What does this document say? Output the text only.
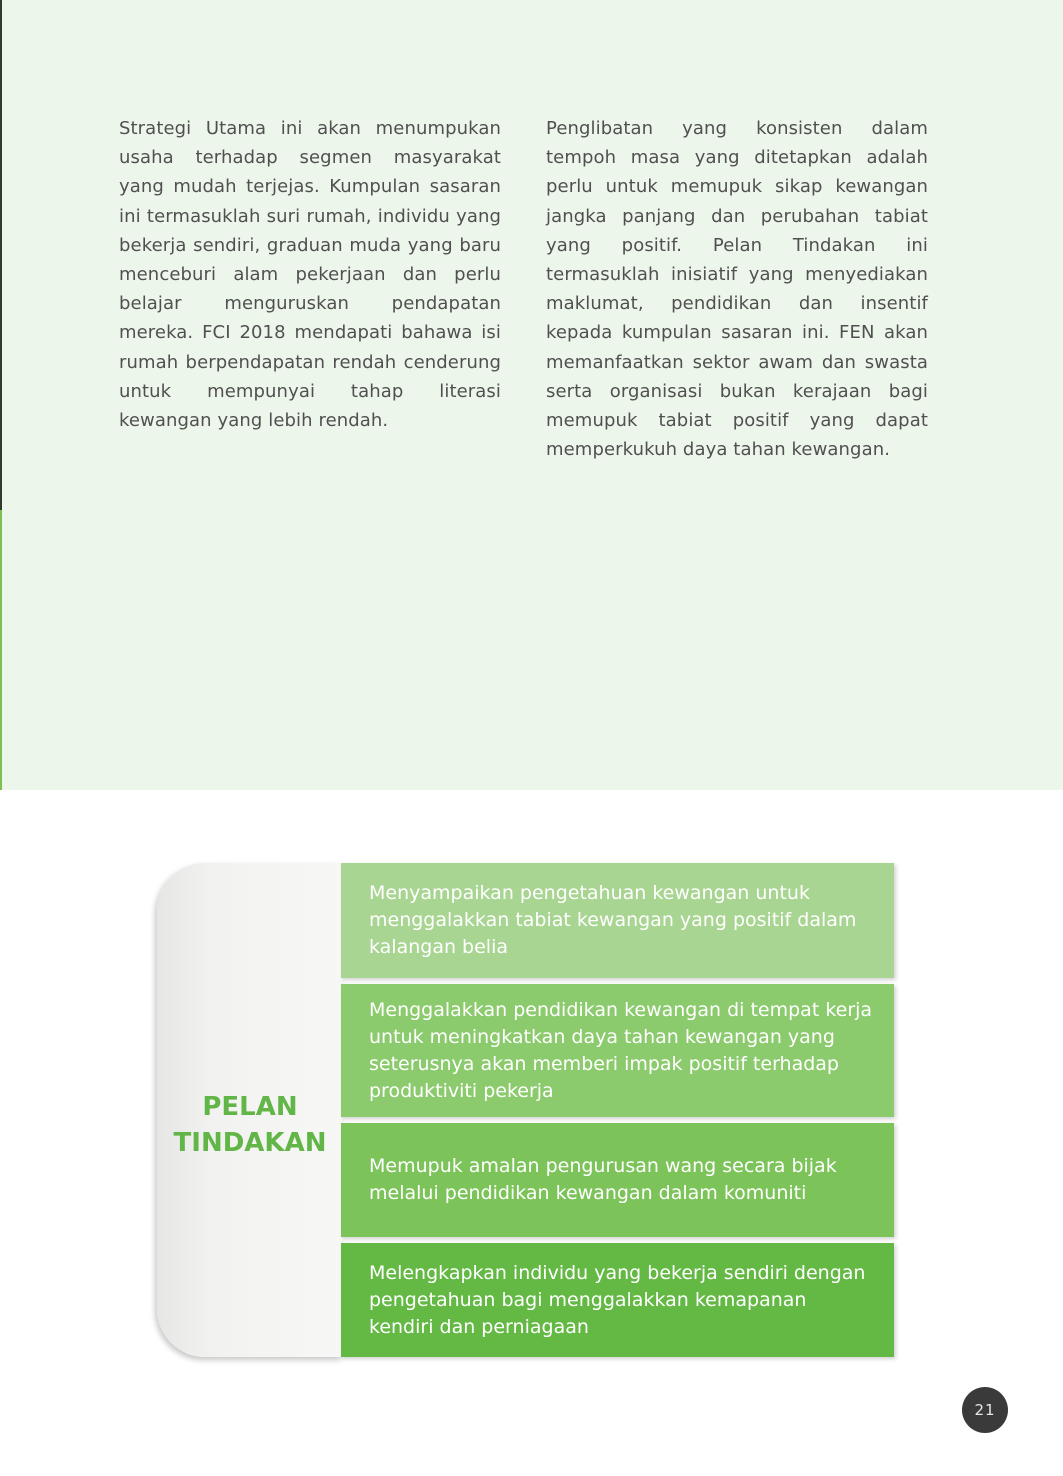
Strategi Utama ini akan menumpukan usaha terhadap segmen masyarakat yang mudah terjejas. Kumpulan sasaran ini termasuklah suri rumah, individu yang bekerja sendiri, graduan muda yang baru menceburi alam pekerjaan dan perlu belajar menguruskan pendapatan mereka. FCI 2018 mendapati bahawa isi rumah berpendapatan rendah cenderung untuk mempunyai tahap literasi kewangan yang lebih rendah.

Penglibatan yang konsisten dalam tempoh masa yang ditetapkan adalah perlu untuk memupuk sikap kewangan jangka panjang dan perubahan tabiat yang positif. Pelan Tindakan ini termasuklah inisiatif yang menyediakan maklumat, pendidikan dan insentif kepada kumpulan sasaran ini. FEN akan memanfaatkan sektor awam dan swasta serta organisasi bukan kerajaan bagi memupuk tabiat positif yang dapat memperkukuh daya tahan kewangan.

PELAN
TINDAKAN
Menyampaikan pengetahuan kewangan untuk menggalakkan tabiat kewangan yang positif dalam kalangan belia
Menggalakkan pendidikan kewangan di tempat kerja untuk meningkatkan daya tahan kewangan yang seterusnya akan memberi impak positif terhadap produktiviti pekerja
Memupuk amalan pengurusan wang secara bijak melalui pendidikan kewangan dalam komuniti
Melengkapkan individu yang bekerja sendiri dengan pengetahuan bagi menggalakkan kemapanan kendiri dan perniagaan
21
